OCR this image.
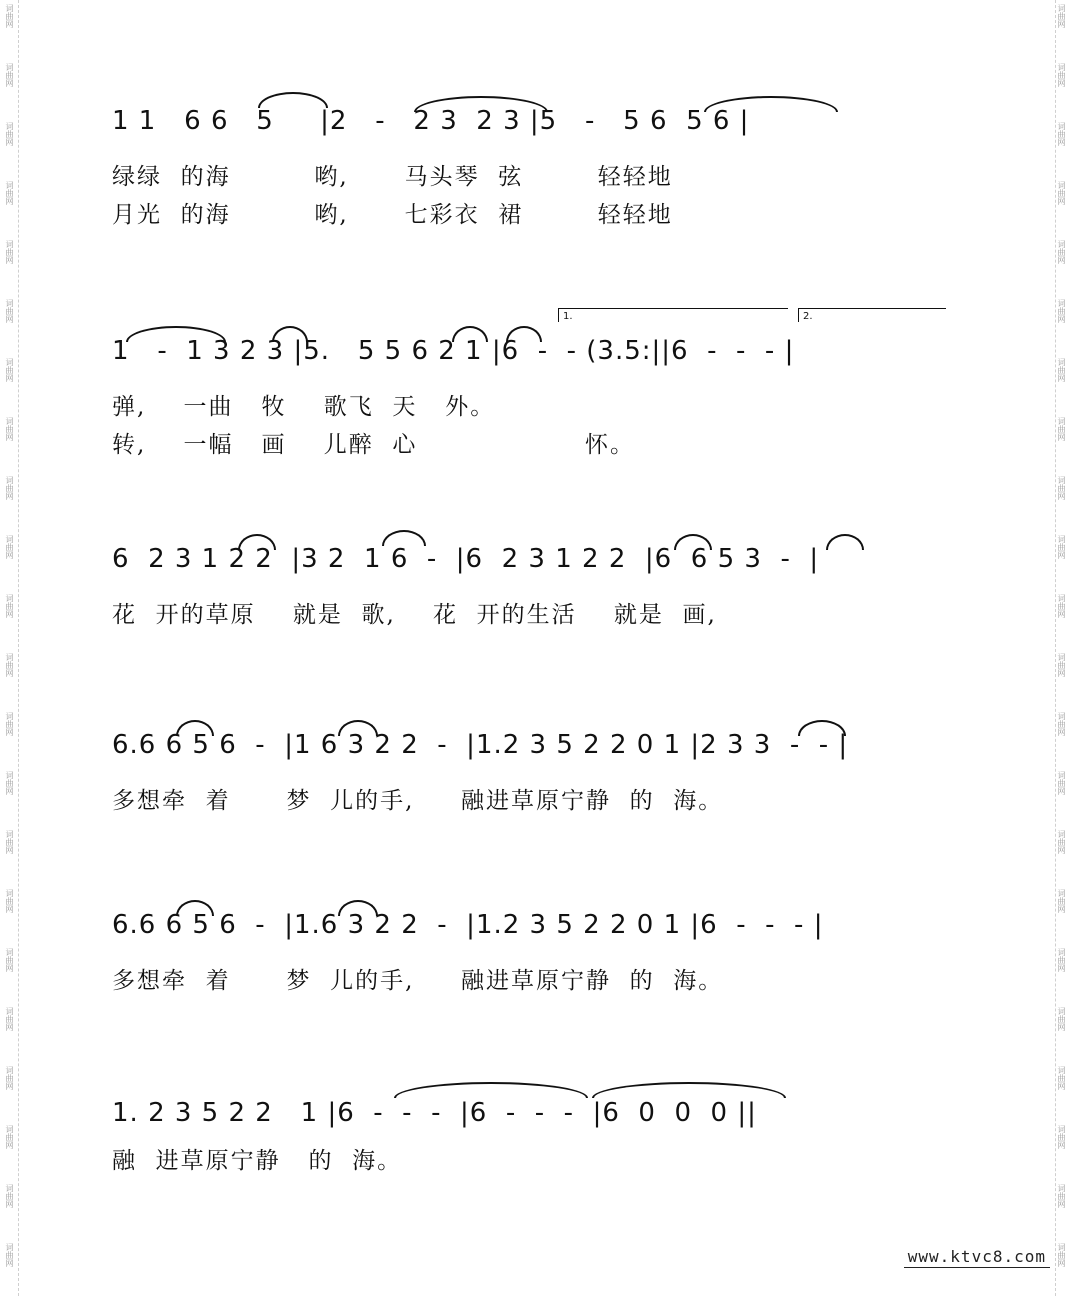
词曲网
词曲网
词曲网
词曲网
词曲网
词曲网
词曲网
词曲网
词曲网
词曲网
词曲网
词曲网
词曲网
词曲网
词曲网
词曲网
词曲网
词曲网
词曲网
词曲网
词曲网
词曲网
词曲网
词曲网
词曲网
词曲网
词曲网
词曲网
词曲网
词曲网
词曲网
词曲网
词曲网
词曲网
词曲网
词曲网
词曲网
词曲网
词曲网
词曲网
词曲网
词曲网
词曲网
词曲网
1 1   6 6   5     |2   -   2 3  2 3 |5   -   5 6  5 6 |
绿绿  的海         哟,      马头琴  弦        轻轻地
月光  的海         哟,      七彩衣  裙        轻轻地
1.	2.
1   -  1 3 2 3 |5.   5 5 6 2 1 |6  -  - (3.5:||6  -  -  - |
弹,    一曲   牧    歌飞  天   外。
转,    一幅   画    儿醉  心                  怀。
6  2 3 1 2 2  |3 2  1 6  -  |6  2 3 1 2 2  |6  6 5 3  -  |
花  开的草原    就是  歌,    花  开的生活    就是  画,
6.6 6 5 6  -  |1 6 3 2 2  -  |1.2 3 5 2 2 0 1 |2 3 3  -  - |
多想牵  着      梦  儿的手,     融进草原宁静  的  海。
6.6 6 5 6  -  |1.6 3 2 2  -  |1.2 3 5 2 2 0 1 |6  -  -  - |
多想牵  着      梦  儿的手,     融进草原宁静  的  海。
1. 2 3 5 2 2   1 |6  -  -  -  |6  -  -  -  |6  0  0  0 ||
融  进草原宁静   的  海。
www.ktvc8.com
